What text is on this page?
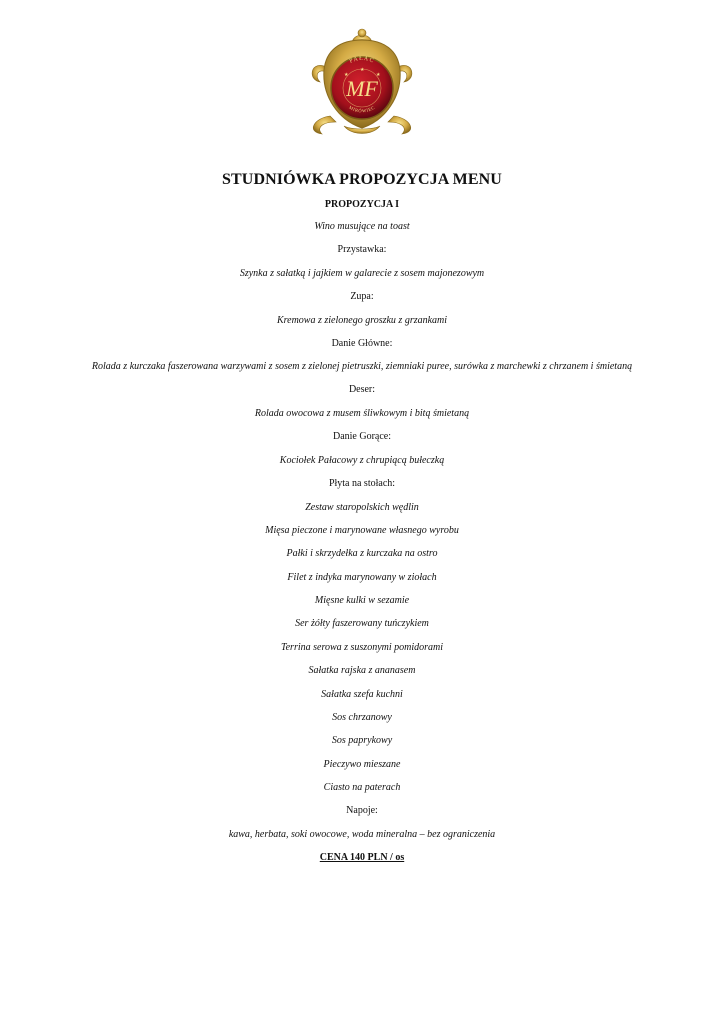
★	★
★
PAŁAC
MIRÓWIEC
MF
STUDNIÓWKA PROPOZYCJA MENU
PROPOZYCJA I
Wino musujące na toast
Przystawka:
Szynka z sałatką i jajkiem w galarecie z sosem majonezowym
Zupa:
Kremowa z zielonego groszku z grzankami
Danie Główne:
Rolada z kurczaka faszerowana warzywami z sosem z zielonej pietruszki, ziemniaki puree, surówka z marchewki z chrzanem i śmietaną
Deser:
Rolada owocowa z musem śliwkowym i bitą śmietaną
Danie Gorące:
Kociołek Pałacowy z chrupiącą bułeczką
Płyta na stołach:
Zestaw staropolskich wędlin
Mięsa pieczone i marynowane własnego wyrobu
Pałki i skrzydełka z kurczaka na ostro
Filet z indyka marynowany w ziołach
Mięsne kulki w sezamie
Ser żółty faszerowany tuńczykiem
Terrina serowa z suszonymi pomidorami
Sałatka rajska z ananasem
Sałatka szefa kuchni
Sos chrzanowy
Sos paprykowy
Pieczywo mieszane
Ciasto na paterach
Napoje:
kawa, herbata, soki owocowe, woda mineralna – bez ograniczenia
CENA 140 PLN / os
